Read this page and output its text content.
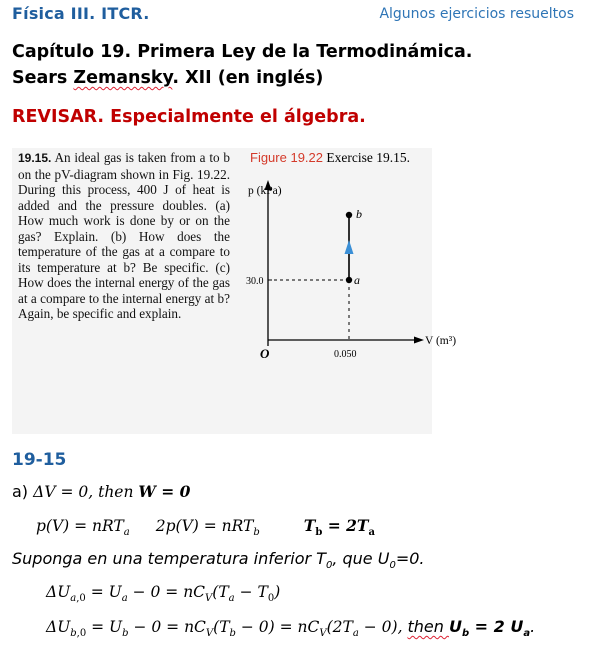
Física III. ITCR.	Algunos ejercicios resueltos
Capítulo 19. Primera Ley de la Termodinámica.
Sears Zemansky. XII (en inglés)
REVISAR. Especialmente el álgebra.
19.15. An ideal gas is taken from a to b on the pV-diagram shown in Fig. 19.22. During this process, 400 J of heat is added and the pressure doubles. (a) How much work is done by or on the gas? Explain. (b) How does the temperature of the gas at a compare to its temperature at b? Be specific. (c) How does the internal energy of the gas at a compare to the internal energy at b? Again, be specific and explain.
Figure 19.22 Exercise 19.15.
b
a
30.0
0.050
O
p (kPa)
V (m³)
19-15
a) ΔV = 0, then W = 0
p(V) = nRT$_a$ 2p(V) = nRT$_b$	$T_b = 2T_a$
Suponga en una temperatura inferior $T_0$, que $U_0=0$.
$\Delta U_{a,0} = U_a - 0 = nC_V(T_a - T_0)$
$\Delta U_{b,0} = U_b - 0 = nC_V(T_b - 0) = nC_V(2T_a - 0)$, then $U_b = 2$ $U_a$.
